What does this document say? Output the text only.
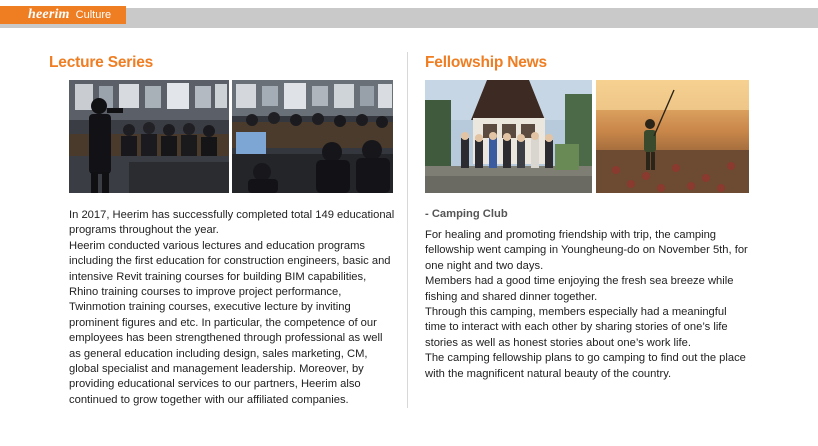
heerim Culture
Lecture Series

In 2017, Heerim has successfully completed total 149 educational programs throughout the year.

Heerim conducted various lectures and education programs including the first education for construction engineers, basic and intensive Revit training courses for building BIM capabilities, Rhino training courses to improve project performance, Twinmotion training courses, executive lecture by inviting prominent figures and etc. In particular, the competence of our employees has been strengthened through professional as well as general education including design, sales marketing, CM, global specialist and management leadership. Moreover, by providing educational services to our partners, Heerim also continued to grow together with our affiliated companies.

Fellowship News
- Camping Club

For healing and promoting friendship with trip, the camping fellowship went camping in Youngheung-do on November 5th, for one night and two days.

Members had a good time enjoying the fresh sea breeze while fishing and shared dinner together.

Through this camping, members especially had a meaningful time to interact with each other by sharing stories of one’s life stories as well as honest stories about one’s work life.

The camping fellowship plans to go camping to find out the place with the magnificent natural beauty of the country.
